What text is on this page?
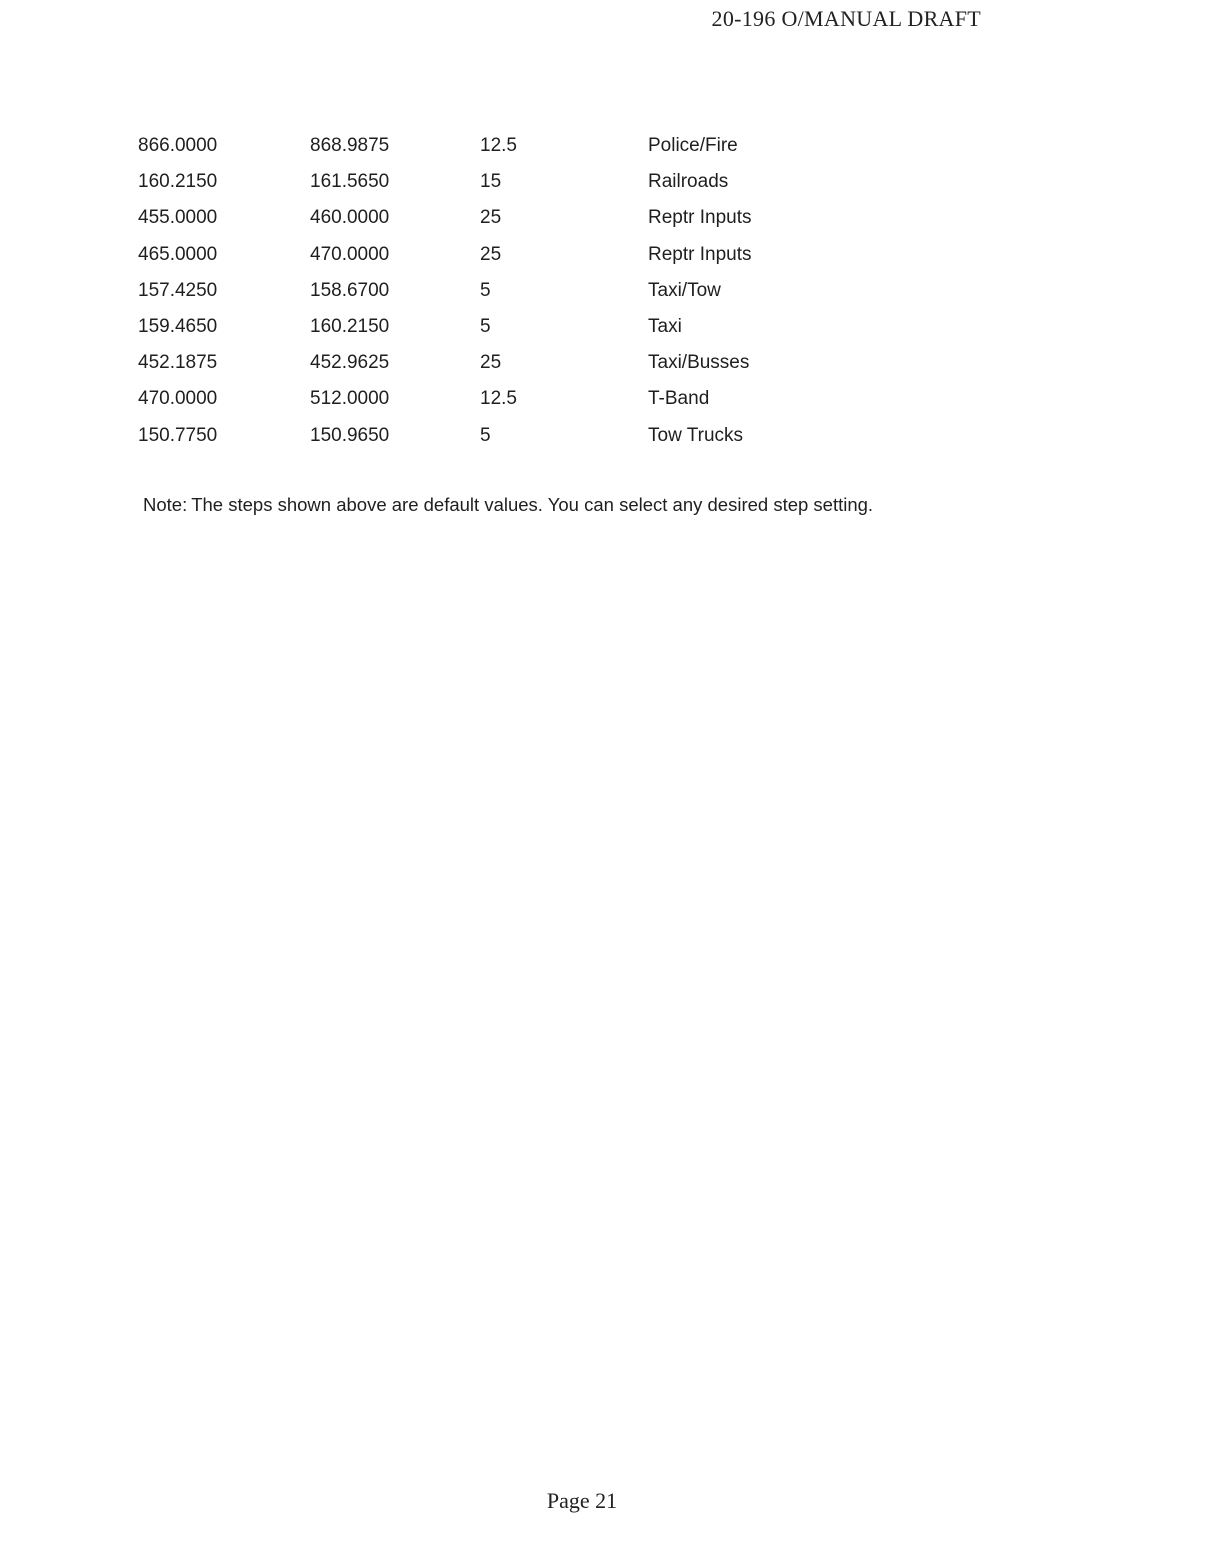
20-196 O/MANUAL DRAFT
866.0000	868.9875	12.5	Police/Fire
160.2150	161.5650	15	Railroads
455.0000	460.0000	25	Reptr Inputs
465.0000	470.0000	25	Reptr Inputs
157.4250	158.6700	5	Taxi/Tow
159.4650	160.2150	5	Taxi
452.1875	452.9625	25	Taxi/Busses
470.0000	512.0000	12.5	T-Band
150.7750	150.9650	5	Tow Trucks
Note: The steps shown above are default values. You can select any desired step setting.
Page 21
